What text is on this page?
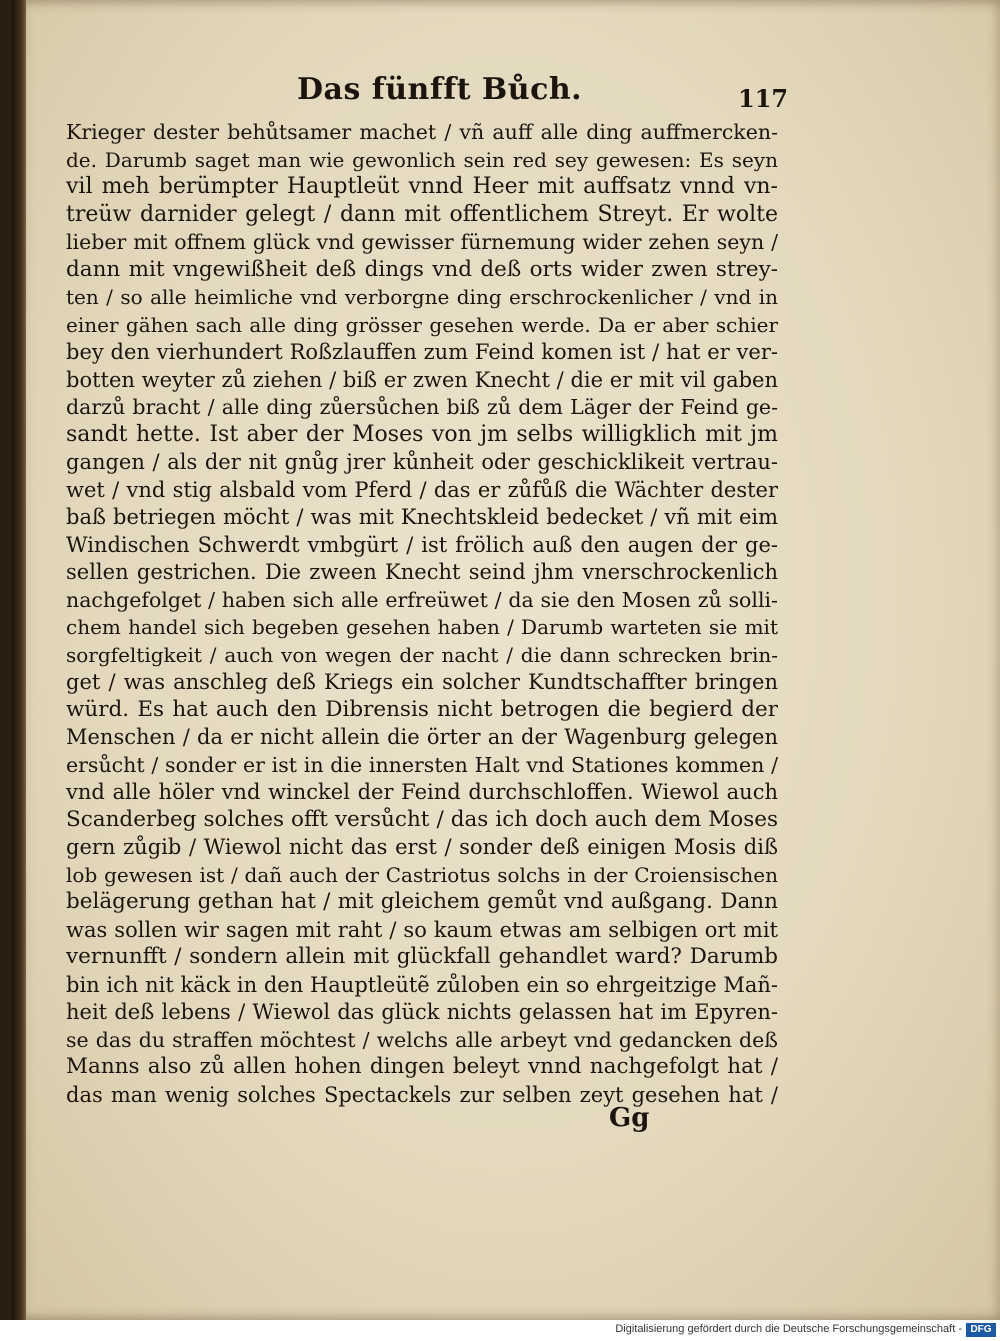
Das fünfft Bůch.	117
Krieger dester behůtsamer machet / vñ auff alle ding auffmercken-
de. Darumb saget man wie gewonlich sein red sey gewesen: Es seyn
vil meh berümpter Hauptleüt vnnd Heer mit auffsatz vnnd vn-
treüw darnider gelegt / dann mit offentlichem Streyt. Er wolte
lieber mit offnem glück vnd gewisser fürnemung wider zehen seyn /
dann mit vngewißheit deß dings vnd deß orts wider zwen strey-
ten / so alle heimliche vnd verborgne ding erschrockenlicher / vnd in
einer gähen sach alle ding grösser gesehen werde. Da er aber schier
bey den vierhundert Roßzlauffen zum Feind komen ist / hat er ver-
botten weyter zů ziehen / biß er zwen Knecht / die er mit vil gaben
darzů bracht / alle ding zůersůchen biß zů dem Läger der Feind ge-
sandt hette. Ist aber der Moses von jm selbs willigklich mit jm
gangen / als der nit gnůg jrer kůnheit oder geschicklikeit vertrau-
wet / vnd stig alsbald vom Pferd / das er zůfůß die Wächter dester
baß betriegen möcht / was mit Knechtskleid bedecket / vñ mit eim
Windischen Schwerdt vmbgürt / ist frölich auß den augen der ge-
sellen gestrichen. Die zween Knecht seind jhm vnerschrockenlich
nachgefolget / haben sich alle erfreüwet / da sie den Mosen zů solli-
chem handel sich begeben gesehen haben / Darumb warteten sie mit
sorgfeltigkeit / auch von wegen der nacht / die dann schrecken brin-
get / was anschleg deß Kriegs ein solcher Kundtschaffter bringen
würd. Es hat auch den Dibrensis nicht betrogen die begierd der
Menschen / da er nicht allein die örter an der Wagenburg gelegen
ersůcht / sonder er ist in die innersten Halt vnd Stationes kommen /
vnd alle höler vnd winckel der Feind durchschloffen. Wiewol auch
Scanderbeg solches offt versůcht / das ich doch auch dem Moses
gern zůgib / Wiewol nicht das erst / sonder deß einigen Mosis diß
lob gewesen ist / dañ auch der Castriotus solchs in der Croiensischen
belägerung gethan hat / mit gleichem gemůt vnd außgang. Dann
was sollen wir sagen mit raht / so kaum etwas am selbigen ort mit
vernunfft / sondern allein mit glückfall gehandlet ward? Darumb
bin ich nit käck in den Hauptleütẽ zůloben ein so ehrgeitzige Mañ-
heit deß lebens / Wiewol das glück nichts gelassen hat im Epyren-
se das du straffen möchtest / welchs alle arbeyt vnd gedancken deß
Manns also zů allen hohen dingen beleyt vnnd nachgefolgt hat /
das man wenig solches Spectackels zur selben zeyt gesehen hat /
Gg
Digitalisierung gefördert durch die Deutsche Forschungsgemeinschaft - DFG
